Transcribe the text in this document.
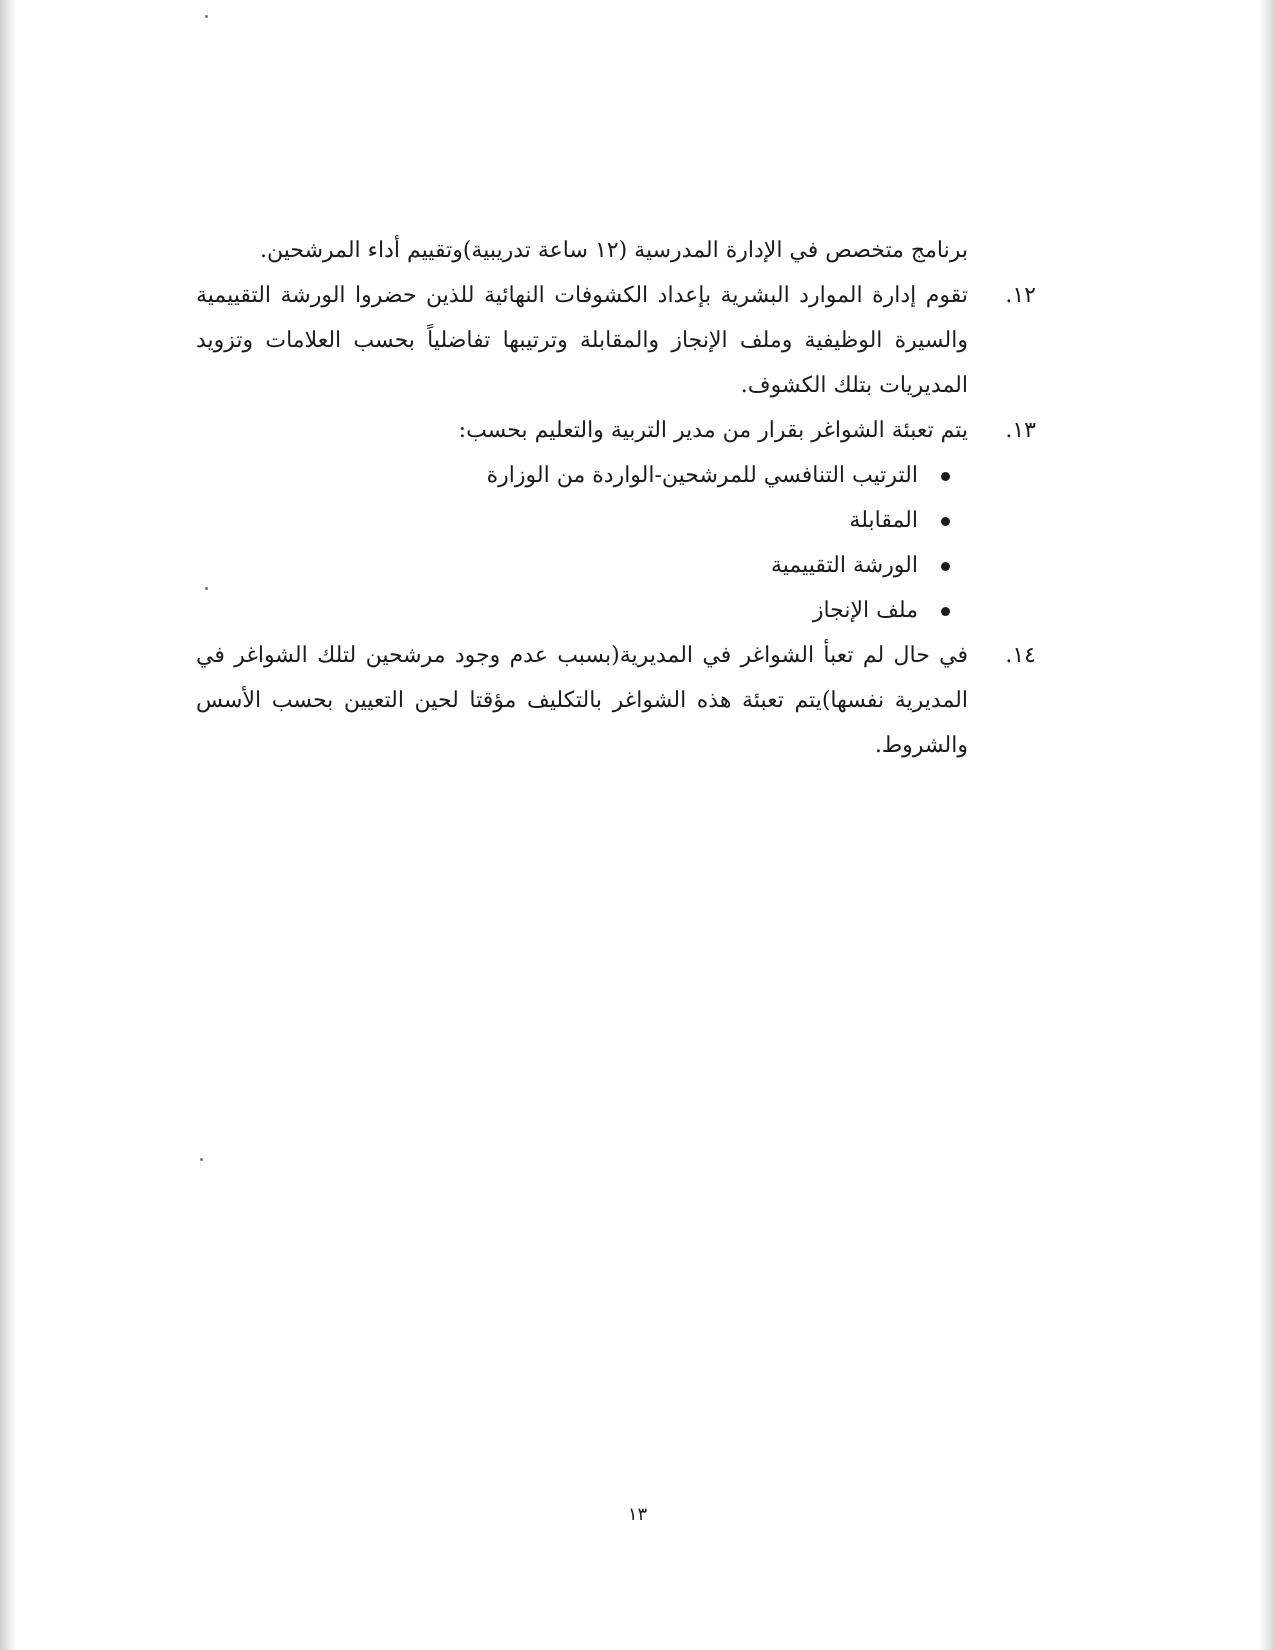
برنامج متخصص في الإدارة المدرسية (١٢ ساعة تدريبية)وتقييم أداء المرشحين.

١٢.
تقوم إدارة الموارد البشرية بإعداد الكشوفات النهائية للذين حضروا الورشة التقييمية والسيرة الوظيفية وملف الإنجاز والمقابلة وترتيبها تفاضلياً بحسب العلامات وتزويد المديريات بتلك الكشوف.
١٣.
يتم تعبئة الشواغر بقرار من مدير التربية والتعليم بحسب:
الترتيب التنافسي للمرشحين-الواردة من الوزارة
المقابلة
الورشة التقييمية
ملف الإنجاز
١٤.
في حال لم تعبأ الشواغر في المديرية(بسبب عدم وجود مرشحين لتلك الشواغر في المديرية نفسها)يتم تعبئة هذه الشواغر بالتكليف مؤقتا لحين التعيين بحسب الأسس والشروط.
١٣
